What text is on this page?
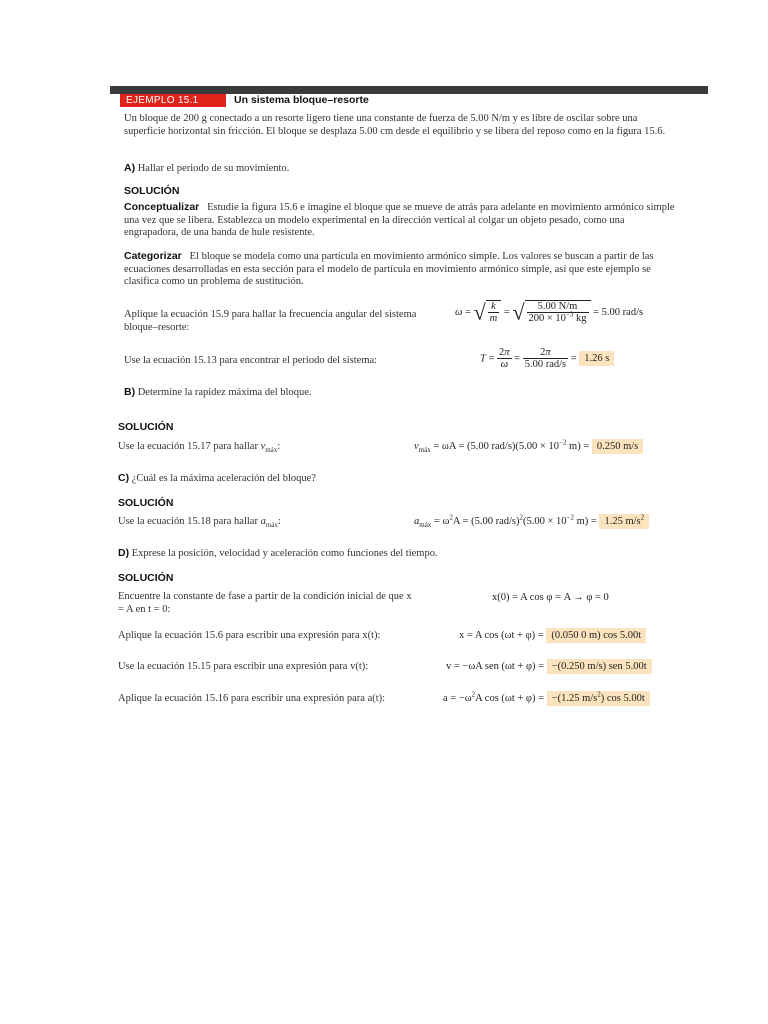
EJEMPLO 15.1	Un sistema bloque–resorte
Un bloque de 200 g conectado a un resorte ligero tiene una constante de fuerza de 5.00 N/m y es libre de oscilar sobre una superficie horizontal sin fricción. El bloque se desplaza 5.00 cm desde el equilibrio y se libera del reposo como en la figura 15.6.
A) Hallar el periodo de su movimiento.
SOLUCIÓN
Conceptualizar Estudie la figura 15.6 e imagine el bloque que se mueve de atrás para adelante en movimiento armónico simple una vez que se libera. Establezca un modelo experimental en la dirección vertical al colgar un objeto pesado, como una engrapadora, de una banda de hule resistente.
Categorizar El bloque se modela como una partícula en movimiento armónico simple. Los valores se buscan a partir de las ecuaciones desarrolladas en esta sección para el modelo de partícula en movimiento armónico simple, así que este ejemplo se clasifica como un problema de sustitución.
Aplique la ecuación 15.9 para hallar la frecuencia angular del sistema bloque–resorte:
ω = √ $\frac{k}{m}$ = √ $\frac{5.00 N/m}{200 \times 10^{-3} kg} = 5.00$ rad/s
Use la ecuación 15.13 para encontrar el periodo del sistema:	$T = \frac{2\pi}{\omega} = \frac{2\pi}{\text{5.00 rad/s}} = 1.26$ s
B) Determine la rapidez máxima del bloque.
SOLUCIÓN
Use la ecuación 15.17 para hallar $v_{máx}$:	$v_{máx} = \omega A = (5.00$ $rad/s)(5.00 \times 10^{-2}$ m) = 0.250 m/s
C) ¿Cuál es la máxima aceleración del bloque?
SOLUCIÓN
Use la ecuación 15.18 para hallar $a_{máx}$:	$a_{máx} = \omega^2A = (5.00$ $rad/s)^2(5.00 \times 10^{-2}$ m) = 1.25 $m/s^2$
D) Exprese la posición, velocidad y aceleración como funciones del tiempo.
SOLUCIÓN
Encuentre la constante de fase a partir de la condición inicial de que x = A en t = 0:
x(0) = A cos φ = A → φ = 0
Aplique la ecuación 15.6 para escribir una expresión para x(t):	x = A cos (ωt + φ) = (0.050 0 m) cos 5.00t
Use la ecuación 15.15 para escribir una expresión para v(t):	v = −ωA sen (ωt + φ) = −(0.250 m/s) sen 5.00t
Aplique la ecuación 15.16 para escribir una expresión para a(t):	$a = -\omega^2A$ cos (ωt + φ) = −(1.25 $m/s^2$) cos 5.00t
